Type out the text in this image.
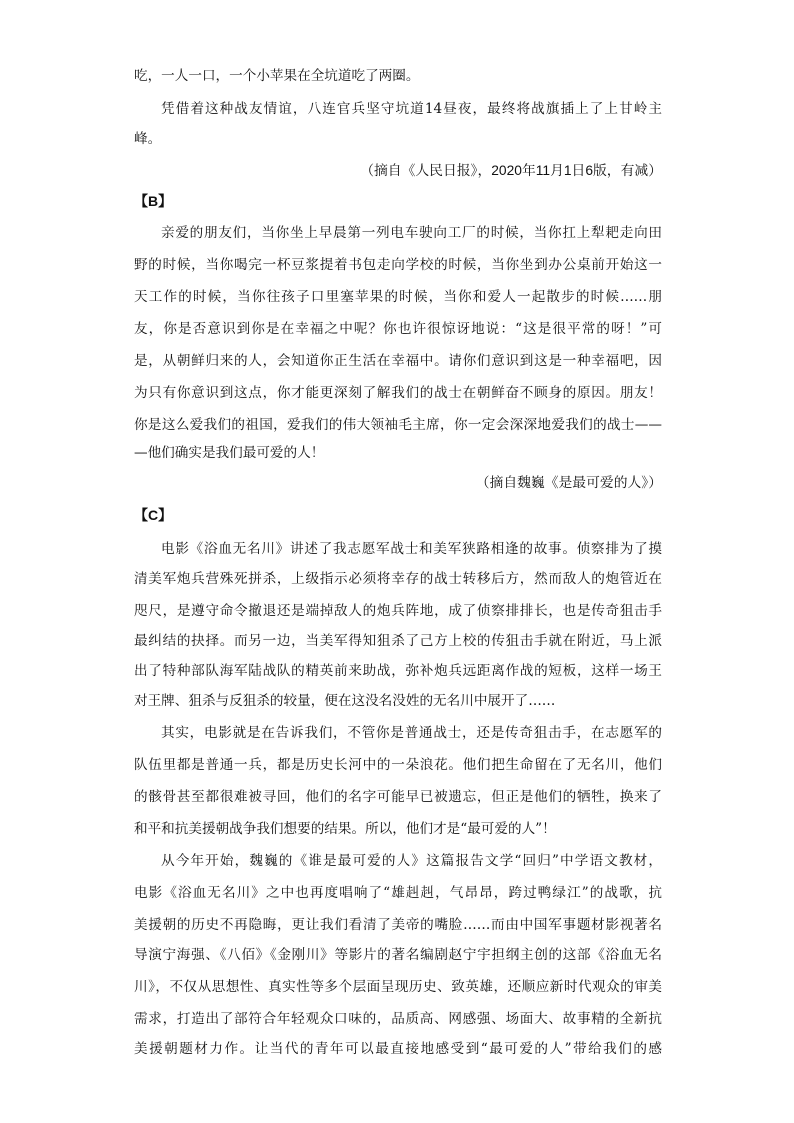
吃，一人一口，一个小苹果在全坑道吃了两圈。
凭借着这种战友情谊，八连官兵坚守坑道14昼夜，最终将战旗插上了上甘岭主
峰。
（摘自《人民日报》，2020年11月1日6版，有减）
【B】
亲爱的朋友们，当你坐上早晨第一列电车驶向工厂的时候，当你扛上犁耙走向田
野的时候，当你喝完一杯豆浆提着书包走向学校的时候，当你坐到办公桌前开始这一
天工作的时候，当你往孩子口里塞苹果的时候，当你和爱人一起散步的时候……朋
友，你是否意识到你是在幸福之中呢？你也许很惊讶地说：“这是很平常的呀！”可
是，从朝鲜归来的人，会知道你正生活在幸福中。请你们意识到这是一种幸福吧，因
为只有你意识到这点，你才能更深刻了解我们的战士在朝鲜奋不顾身的原因。朋友！
你是这么爱我们的祖国，爱我们的伟大领袖毛主席，你一定会深深地爱我们的战士——
—他们确实是我们最可爱的人！
（摘自魏巍《是最可爱的人》）
【C】
电影《浴血无名川》讲述了我志愿军战士和美军狭路相逢的故事。侦察排为了摸
清美军炮兵营殊死拼杀，上级指示必须将幸存的战士转移后方，然而敌人的炮管近在
咫尺，是遵守命令撤退还是端掉敌人的炮兵阵地，成了侦察排排长，也是传奇狙击手
最纠结的抉择。而另一边，当美军得知狙杀了己方上校的传狙击手就在附近，马上派
出了特种部队海军陆战队的精英前来助战，弥补炮兵远距离作战的短板，这样一场王
对王牌、狙杀与反狙杀的较量，便在这没名没姓的无名川中展开了……
其实，电影就是在告诉我们，不管你是普通战士，还是传奇狙击手，在志愿军的
队伍里都是普通一兵，都是历史长河中的一朵浪花。他们把生命留在了无名川，他们
的骸骨甚至都很难被寻回，他们的名字可能早已被遗忘，但正是他们的牺牲，换来了
和平和抗美援朝战争我们想要的结果。所以，他们才是“最可爱的人”！
从今年开始，魏巍的《谁是最可爱的人》这篇报告文学“回归”中学语文教材，
电影《浴血无名川》之中也再度唱响了“雄赳赳，气昂昂，跨过鸭绿江”的战歌，抗
美援朝的历史不再隐晦，更让我们看清了美帝的嘴脸……而由中国军事题材影视著名
导演宁海强、《八佰》《金刚川》等影片的著名编剧赵宁宇担纲主创的这部《浴血无名
川》，不仅从思想性、真实性等多个层面呈现历史、致英雄，还顺应新时代观众的审美
需求，打造出了部符合年轻观众口味的，品质高、网感强、场面大、故事精的全新抗
美援朝题材力作。让当代的青年可以最直接地感受到“最可爱的人”带给我们的感
